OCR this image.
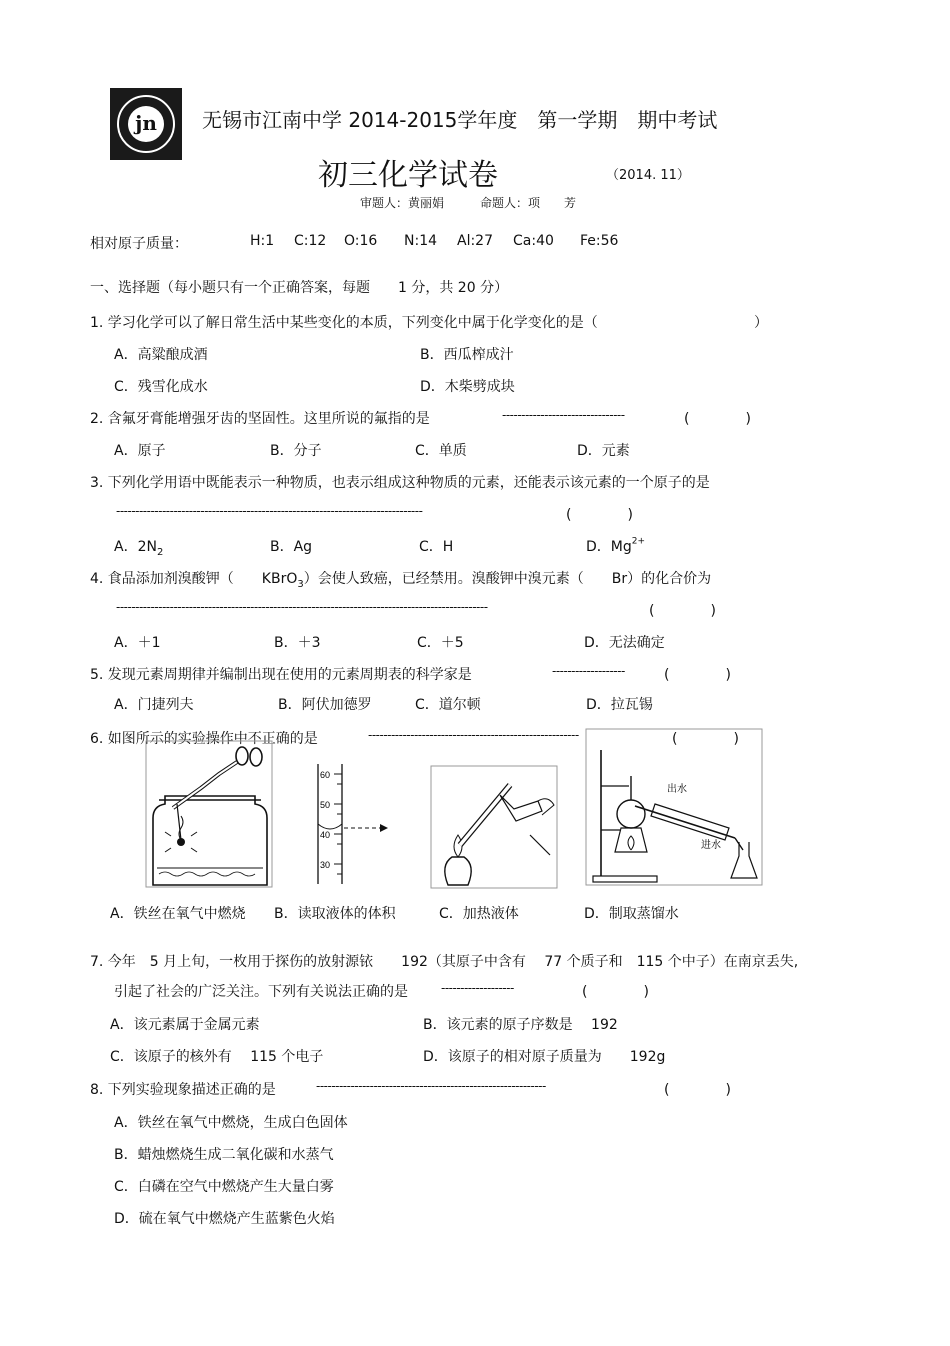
jn 无锡市江南中学 2014-2015学年度　第一学期　期中考试
初三化学试卷	（2014. 11）
审题人：黄丽娟　　　命题人：项　　芳
相对原子质量：	H:1 C:12 O:16 N:14 Al:27 Ca:40 Fe:56
一、选择题（每小题只有一个正确答案，每题　　1 分，共 20 分）
1. 学习化学可以了解日常生活中某些变化的本质，下列变化中属于化学变化的是（	）
A．高粱酿成酒	B．西瓜榨成汁
C．残雪化成水	D．木柴劈成块
2. 含氟牙膏能增强牙齿的坚固性。这里所说的氟指的是	--------------------------------	(　　　　)
A．原子	B．分子	C．单质	D．元素
3. 下列化学用语中既能表示一种物质，也表示组成这种物质的元素，还能表示该元素的一个原子的是
--------------------------------------------------------------------------------	(　　　　)
A．$2N_2$	B．Ag	C．H	D．$Mg^{2+}$
4. 食品添加剂溴酸钾（　　KBrO$_3$）会使人致癌，已经禁用。溴酸钾中溴元素（　　Br）的化合价为
-------------------------------------------------------------------------------------------------	(　　　　)
A．＋1	B．＋3	C．＋5	D．无法确定
5. 发现元素周期律并编制出现在使用的元素周期表的科学家是	-------------------	(　　　　)
A．门捷列夫	B．阿伏加德罗	C．道尔顿	D．拉瓦锡
6. 如图所示的实验操作中不正确的是	-------------------------------------------------------	(　　　　)
60
50
40
30
出水
进水
A．铁丝在氧气中燃烧 B．读取液体的体积	C．加热液体	D．制取蒸馏水
7. 今年　5 月上旬，一枚用于探伤的放射源铱　　192（其原子中含有　 77 个质子和　115 个中子）在南京丢失,
引起了社会的广泛关注。下列有关说法正确的是	-------------------	(　　　　)
A．该元素属于金属元素	B．该元素的原子序数是　 192
C．该原子的核外有　 115 个电子	D．该原子的相对原子质量为　　192g
8. 下列实验现象描述正确的是	------------------------------------------------------------	(　　　　)
A．铁丝在氧气中燃烧，生成白色固体
B．蜡烛燃烧生成二氧化碳和水蒸气
C．白磷在空气中燃烧产生大量白雾
D．硫在氧气中燃烧产生蓝紫色火焰
